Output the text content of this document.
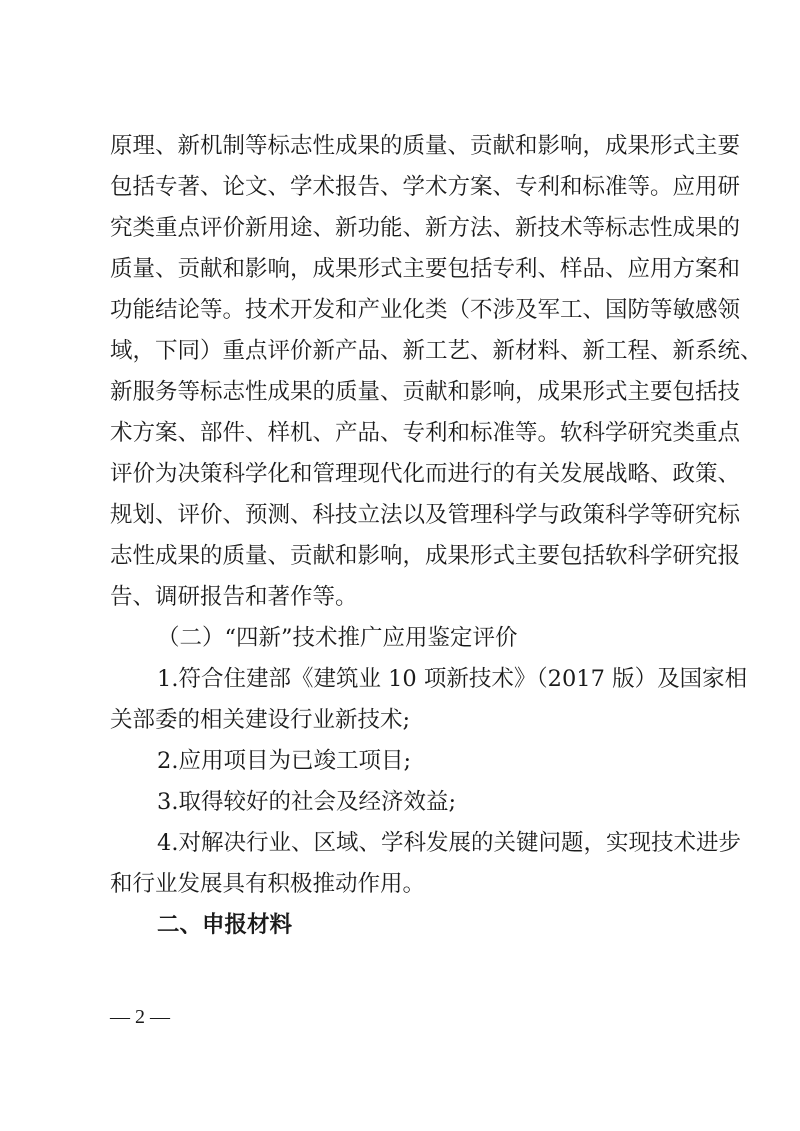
原理、新机制等标志性成果的质量、贡献和影响，成果形式主要
包括专著、论文、学术报告、学术方案、专利和标准等。应用研
究类重点评价新用途、新功能、新方法、新技术等标志性成果的
质量、贡献和影响，成果形式主要包括专利、样品、应用方案和
功能结论等。技术开发和产业化类（不涉及军工、国防等敏感领
域，下同）重点评价新产品、新工艺、新材料、新工程、新系统、
新服务等标志性成果的质量、贡献和影响，成果形式主要包括技
术方案、部件、样机、产品、专利和标准等。软科学研究类重点
评价为决策科学化和管理现代化而进行的有关发展战略、政策、
规划、评价、预测、科技立法以及管理科学与政策科学等研究标
志性成果的质量、贡献和影响，成果形式主要包括软科学研究报
告、调研报告和著作等。
（二）“四新”技术推广应用鉴定评价
1.符合住建部《建筑业 10 项新技术》（2017 版）及国家相
关部委的相关建设行业新技术;
2.应用项目为已竣工项目;
3.取得较好的社会及经济效益;
4.对解决行业、区域、学科发展的关键问题，实现技术进步
和行业发展具有积极推动作用。
二、申报材料
— 2 —
